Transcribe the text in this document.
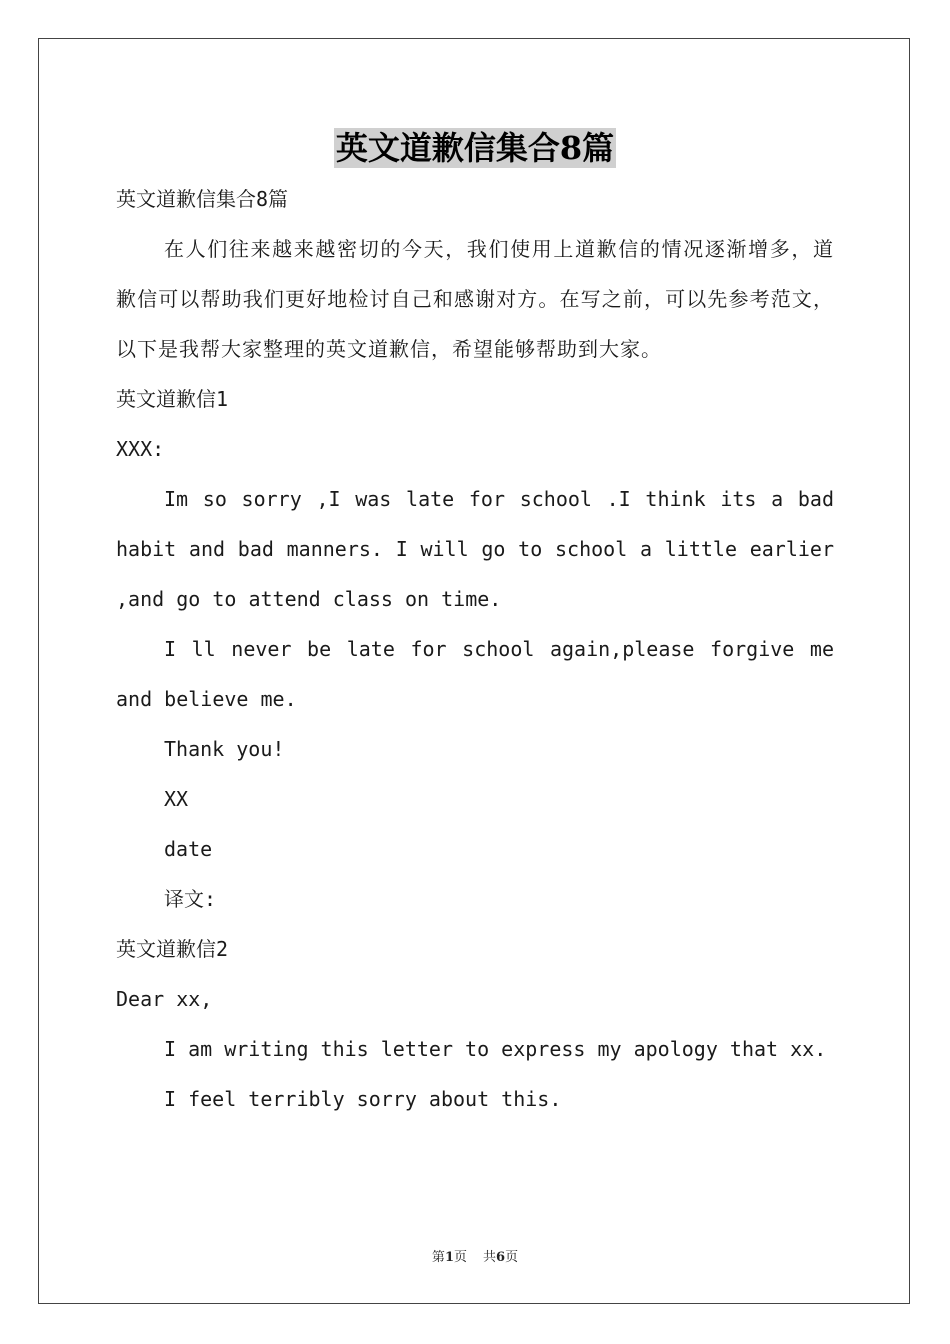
英文道歉信集合8篇

英文道歉信集合8篇

在人们往来越来越密切的今天，我们使用上道歉信的情况逐渐增多，道歉信可以帮助我们更好地检讨自己和感谢对方。在写之前，可以先参考范文，以下是我帮大家整理的英文道歉信，希望能够帮助到大家。

英文道歉信1

XXX:

Im so sorry ,I was late for school .I think its a bad habit and bad manners. I will go to school a little earlier ,and go to attend class on time.

I ll never be late for school again,please forgive me and believe me.

Thank you!

XX

date

译文:

英文道歉信2

Dear xx,

I am writing this letter to express my apology that xx.

I feel terribly sorry about this.

第1页 共6页
